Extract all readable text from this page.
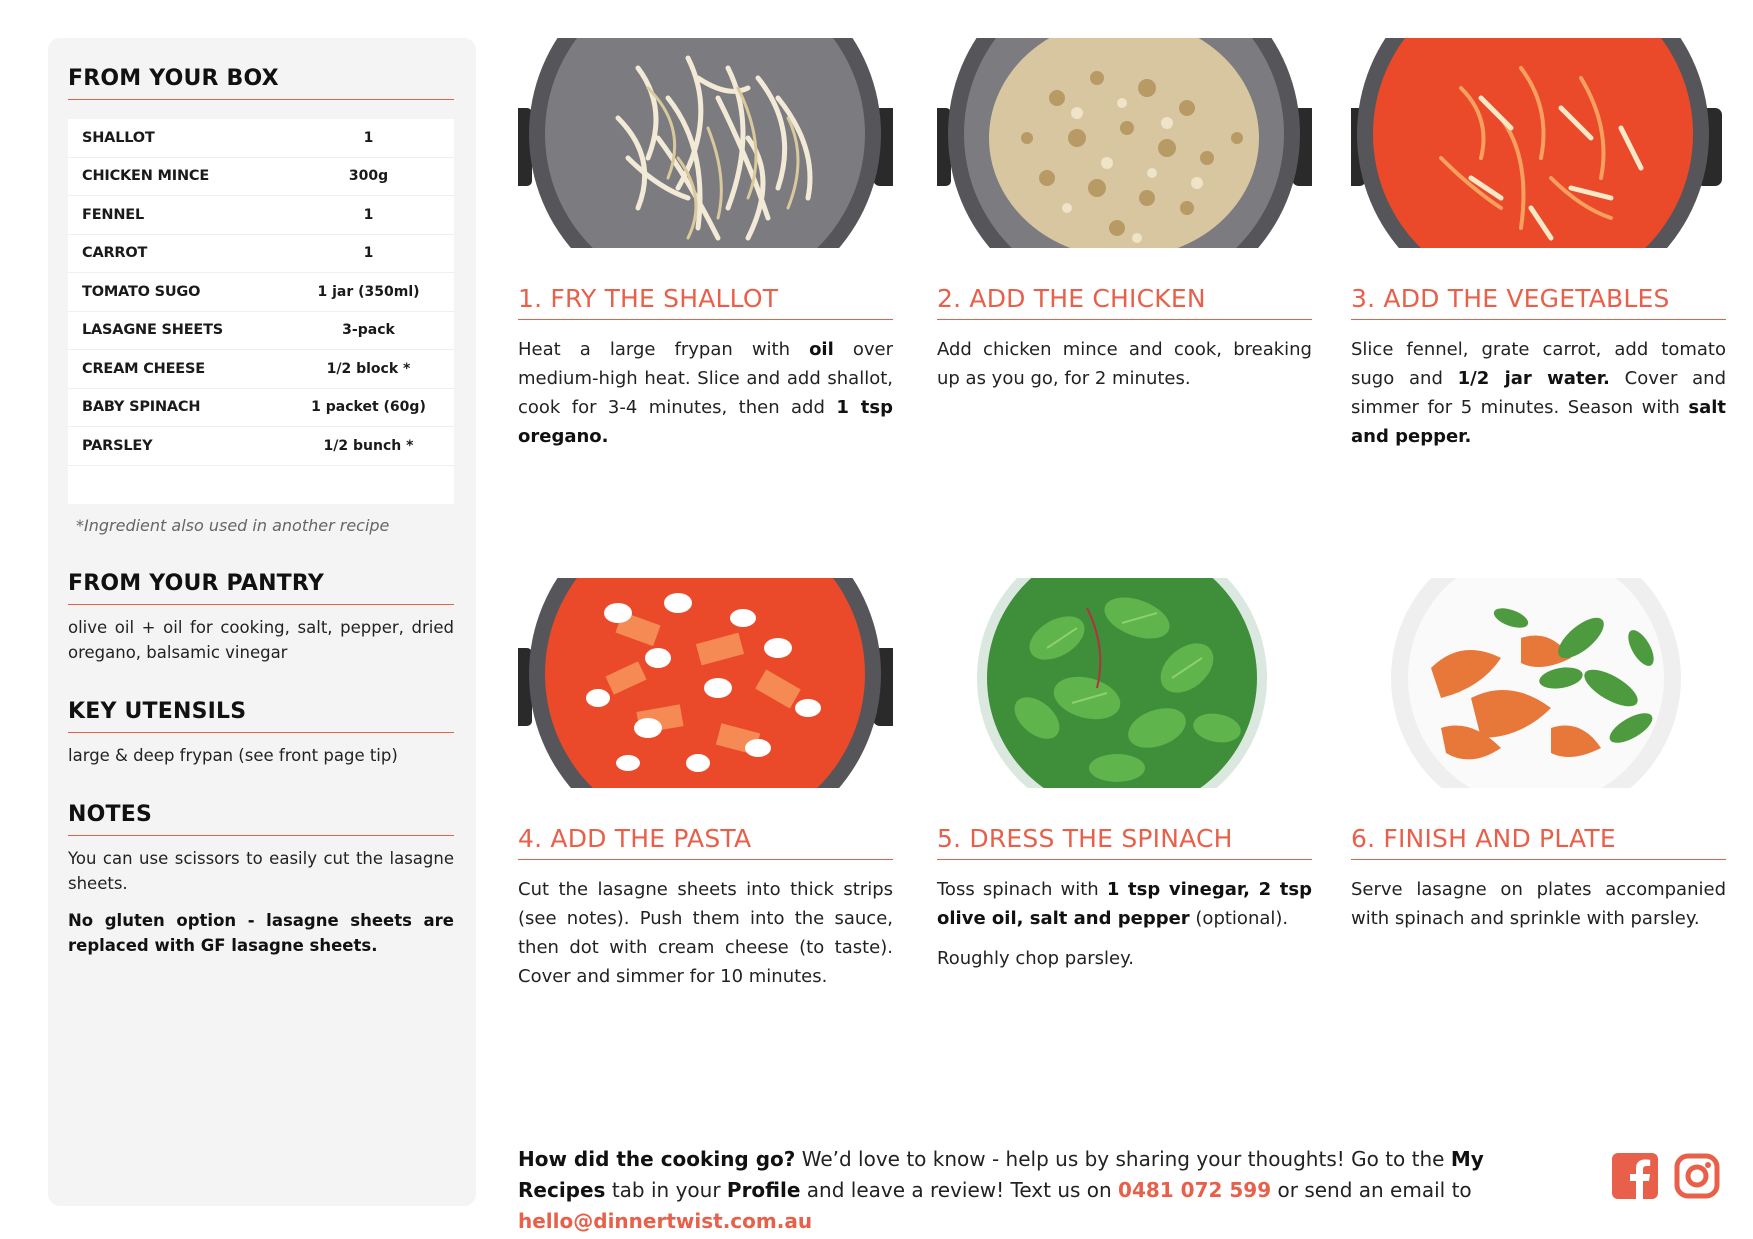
FROM YOUR BOX
SHALLOT	1
CHICKEN MINCE	300g
FENNEL	1
CARROT	1
TOMATO SUGO	1 jar (350ml)
LASAGNE SHEETS	3-pack
CREAM CHEESE	1/2 block *
BABY SPINACH	1 packet (60g)
PARSLEY	1/2 bunch *
*Ingredient also used in another recipe
FROM YOUR PANTRY
olive oil + oil for cooking, salt, pepper, dried oregano, balsamic vinegar
KEY UTENSILS
large & deep frypan (see front page tip)
NOTES
You can use scissors to easily cut the lasagne sheets.
No gluten option - lasagne sheets are replaced with GF lasagne sheets.
1. FRY THE SHALLOT
Heat a large frypan with oil over medium-high heat. Slice and add shallot, cook for 3-4 minutes, then add 1 tsp oregano.
2. ADD THE CHICKEN
Add chicken mince and cook, breaking up as you go, for 2 minutes.
3. ADD THE VEGETABLES
Slice fennel, grate carrot, add tomato sugo and 1/2 jar water. Cover and simmer for 5 minutes. Season with salt and pepper.
4. ADD THE PASTA
Cut the lasagne sheets into thick strips (see notes). Push them into the sauce, then dot with cream cheese (to taste). Cover and simmer for 10 minutes.
5. DRESS THE SPINACH
Toss spinach with 1 tsp vinegar, 2 tsp olive oil, salt and pepper (optional).
Roughly chop parsley.
6. FINISH AND PLATE
Serve lasagne on plates accompanied with spinach and sprinkle with parsley.
How did the cooking go? We’d love to know - help us by sharing your thoughts! Go to the My Recipes tab in your Profile and leave a review! Text us on 0481 072 599 or send an email to hello@dinnertwist.com.au
